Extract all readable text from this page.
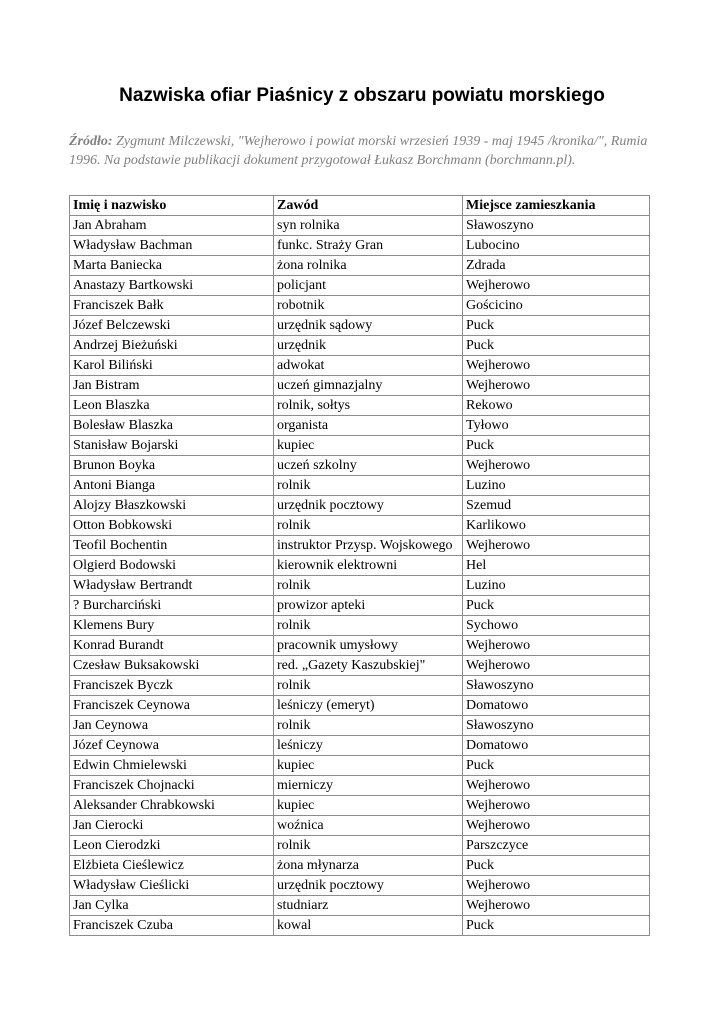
Nazwiska ofiar Piaśnicy z obszaru powiatu morskiego
Źródło: Zygmunt Milczewski, "Wejherowo i powiat morski wrzesień 1939 - maj 1945 /kronika/", Rumia 1996. Na podstawie publikacji dokument przygotował Łukasz Borchmann (borchmann.pl).
Imię i nazwisko	Zawód	Miejsce zamieszkania
Jan Abraham	syn rolnika	Sławoszyno
Władysław Bachman	funkc. Straży Gran	Lubocino
Marta Baniecka	żona rolnika	Zdrada
Anastazy Bartkowski	policjant	Wejherowo
Franciszek Bałk	robotnik	Gościcino
Józef Belczewski	urzędnik sądowy	Puck
Andrzej Bieżuński	urzędnik	Puck
Karol Biliński	adwokat	Wejherowo
Jan Bistram	uczeń gimnazjalny	Wejherowo
Leon Blaszka	rolnik, sołtys	Rekowo
Bolesław Blaszka	organista	Tyłowo
Stanisław Bojarski	kupiec	Puck
Brunon Boyka	uczeń szkolny	Wejherowo
Antoni Bianga	rolnik	Luzino
Alojzy Błaszkowski	urzędnik pocztowy	Szemud
Otton Bobkowski	rolnik	Karlikowo
Teofil Bochentin	instruktor Przysp. Wojskowego	Wejherowo
Olgierd Bodowski	kierownik elektrowni	Hel
Władysław Bertrandt	rolnik	Luzino
? Burcharciński	prowizor apteki	Puck
Klemens Bury	rolnik	Sychowo
Konrad Burandt	pracownik umysłowy	Wejherowo
Czesław Buksakowski	red. „Gazety Kaszubskiej"	Wejherowo
Franciszek Byczk	rolnik	Sławoszyno
Franciszek Ceynowa	leśniczy (emeryt)	Domatowo
Jan Ceynowa	rolnik	Sławoszyno
Józef Ceynowa	leśniczy	Domatowo
Edwin Chmielewski	kupiec	Puck
Franciszek Chojnacki	mierniczy	Wejherowo
Aleksander Chrabkowski	kupiec	Wejherowo
Jan Cierocki	woźnica	Wejherowo
Leon Cierodzki	rolnik	Parszczyce
Elżbieta Cieślewicz	żona młynarza	Puck
Władysław Cieślicki	urzędnik pocztowy	Wejherowo
Jan Cylka	studniarz	Wejherowo
Franciszek Czuba	kowal	Puck
